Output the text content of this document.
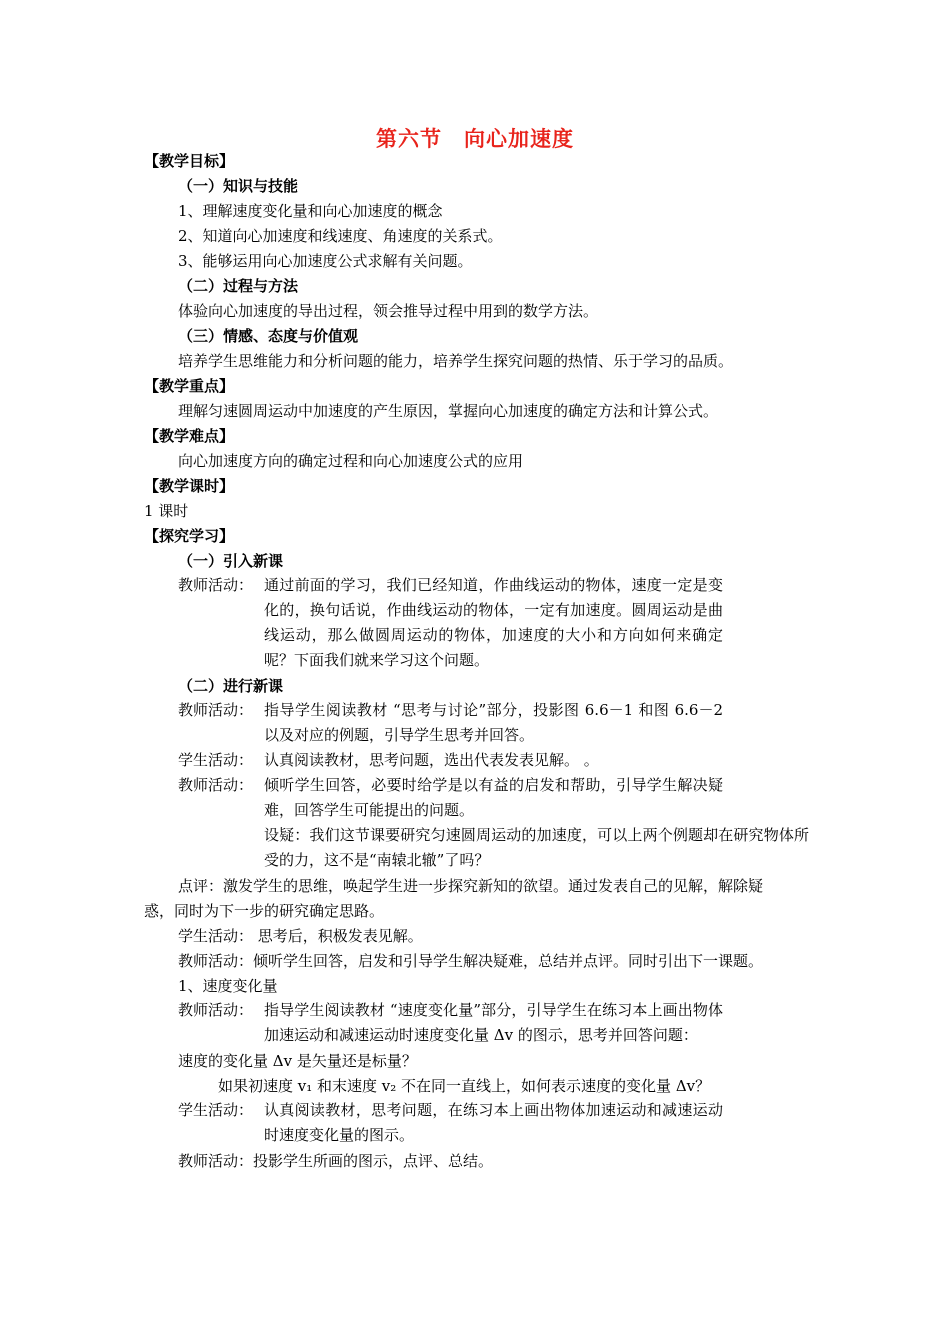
第六节 向心加速度
【教学目标】
（一）知识与技能
1、理解速度变化量和向心加速度的概念
2、知道向心加速度和线速度、角速度的关系式。
3、能够运用向心加速度公式求解有关问题。
（二）过程与方法
体验向心加速度的导出过程，领会推导过程中用到的数学方法。
（三）情感、态度与价值观
培养学生思维能力和分析问题的能力，培养学生探究问题的热情、乐于学习的品质。
【教学重点】
理解匀速圆周运动中加速度的产生原因，掌握向心加速度的确定方法和计算公式。
【教学难点】
向心加速度方向的确定过程和向心加速度公式的应用
【教学课时】
1 课时
【探究学习】
（一）引入新课
教师活动： 通过前面的学习，我们已经知道，作曲线运动的物体，速度一定是变化的，换句话说，作曲线运动的物体，一定有加速度。圆周运动是曲线运动，那么做圆周运动的物体，加速度的大小和方向如何来确定呢？下面我们就来学习这个问题。
（二）进行新课
教师活动： 指导学生阅读教材 “思考与讨论”部分，投影图 6.6－1 和图 6.6－2 以及对应的例题，引导学生思考并回答。
学生活动： 认真阅读教材，思考问题，选出代表发表见解。 。
教师活动： 倾听学生回答，必要时给学是以有益的启发和帮助，引导学生解决疑难，回答学生可能提出的问题。
设疑：我们这节课要研究匀速圆周运动的加速度，可以上两个例题却在研究物体所受的力，这不是“南辕北辙”了吗？
点评：激发学生的思维，唤起学生进一步探究新知的欲望。通过发表自己的见解，解除疑
惑，同时为下一步的研究确定思路。
学生活动： 思考后，积极发表见解。
教师活动：倾听学生回答，启发和引导学生解决疑难，总结并点评。同时引出下一课题。
1、速度变化量
教师活动： 指导学生阅读教材 “速度变化量”部分，引导学生在练习本上画出物体加速运动和减速运动时速度变化量 Δv 的图示，思考并回答问题：
速度的变化量 Δv 是矢量还是标量？
如果初速度 v₁ 和末速度 v₂ 不在同一直线上，如何表示速度的变化量 Δv？
学生活动： 认真阅读教材，思考问题，在练习本上画出物体加速运动和减速运动时速度变化量的图示。
教师活动：投影学生所画的图示，点评、总结。
